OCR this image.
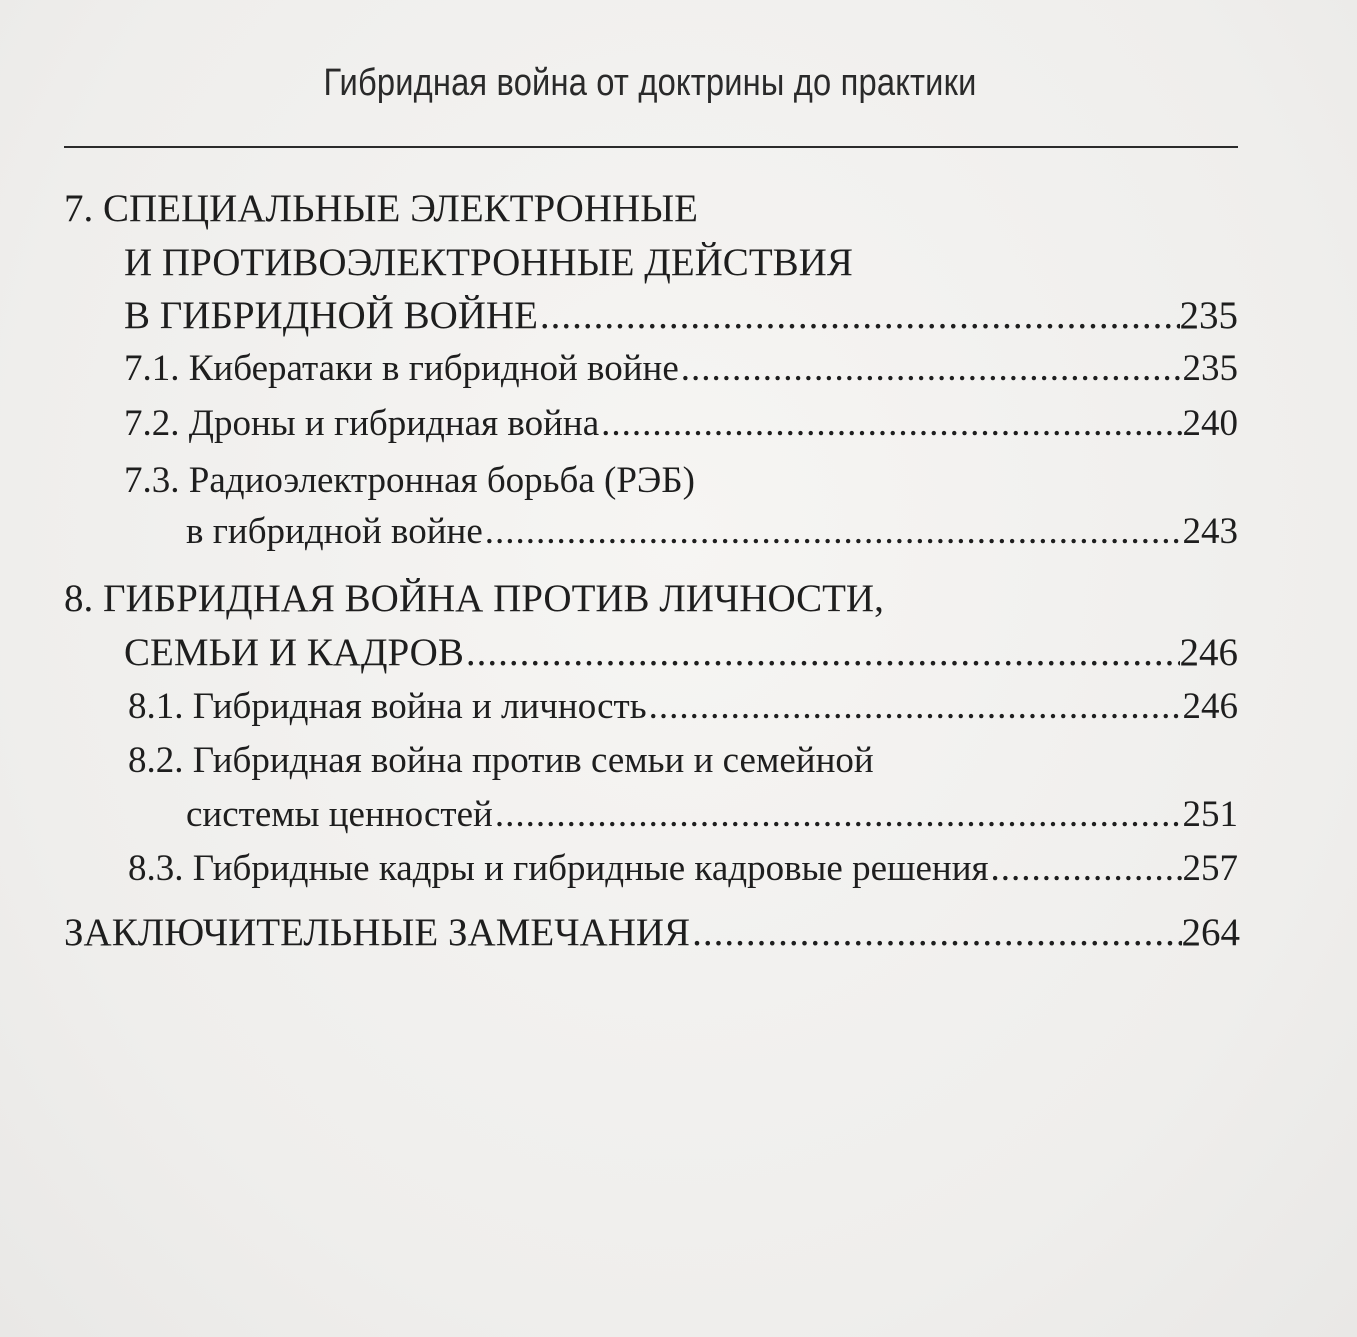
Гибридная война от доктрины до практики
7. СПЕЦИАЛЬНЫЕ ЭЛЕКТРОННЫЕ
И ПРОТИВОЭЛЕКТРОННЫЕ ДЕЙСТВИЯ
В ГИБРИДНОЙ ВОЙНЕ .....	235
7.1. Кибератаки в гибридной войне .....	235
7.2. Дроны и гибридная война .....	240
7.3. Радиоэлектронная борьба (РЭБ)
в гибридной войне .....	243
8. ГИБРИДНАЯ ВОЙНА ПРОТИВ ЛИЧНОСТИ,
СЕМЬИ И КАДРОВ .....	246
8.1. Гибридная война и личность .....	246
8.2. Гибридная война против семьи и семейной
системы ценностей .....	251
8.3. Гибридные кадры и гибридные кадровые решения .....	257
ЗАКЛЮЧИТЕЛЬНЫЕ ЗАМЕЧАНИЯ .....	264
